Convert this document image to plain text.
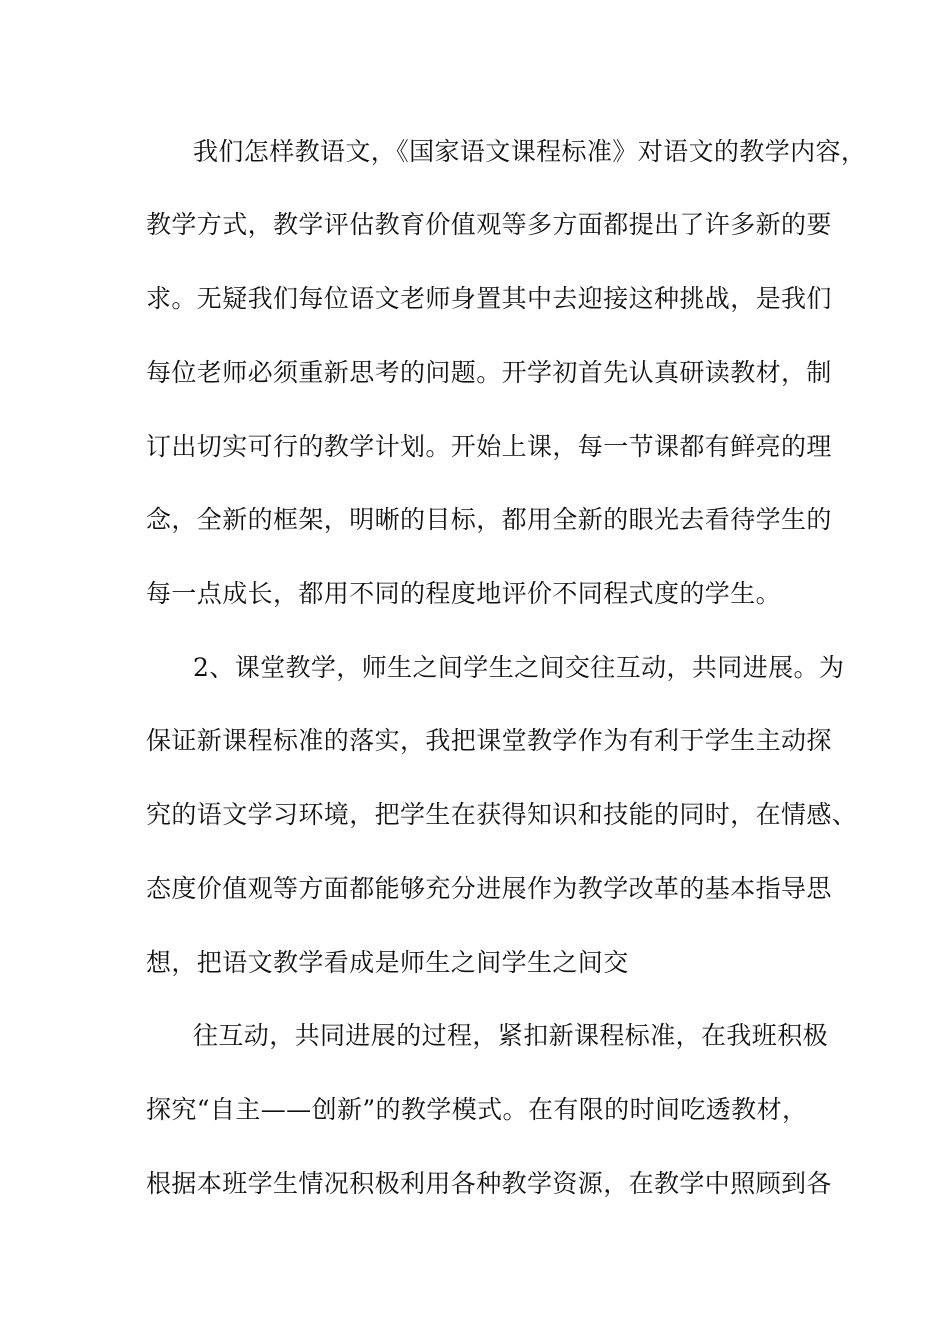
我们怎样教语文，《国家语文课程标准》对语文的教学内容，
教学方式，教学评估教育价值观等多方面都提出了许多新的要
求。无疑我们每位语文老师身置其中去迎接这种挑战，是我们
每位老师必须重新思考的问题。开学初首先认真研读教材，制
订出切实可行的教学计划。开始上课，每一节课都有鲜亮的理
念，全新的框架，明晰的目标，都用全新的眼光去看待学生的
每一点成长，都用不同的程度地评价不同程式度的学生。
2、课堂教学，师生之间学生之间交往互动，共同进展。为
保证新课程标准的落实，我把课堂教学作为有利于学生主动探
究的语文学习环境，把学生在获得知识和技能的同时，在情感、
态度价值观等方面都能够充分进展作为教学改革的基本指导思
想，把语文教学看成是师生之间学生之间交
往互动，共同进展的过程，紧扣新课程标准，在我班积极
探究“自主——创新”的教学模式。在有限的时间吃透教材，
根据本班学生情况积极利用各种教学资源，在教学中照顾到各
